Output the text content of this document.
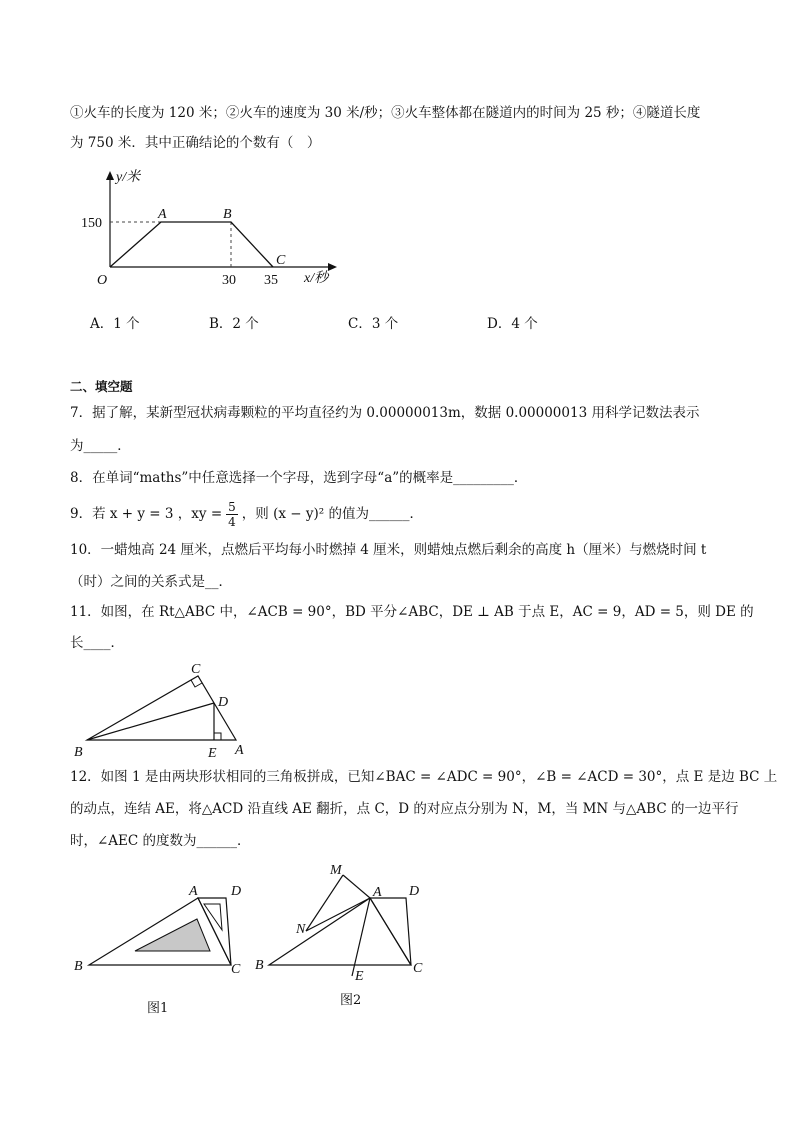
①火车的长度为 120 米；②火车的速度为 30 米/秒；③火车整体都在隧道内的时间为 25 秒；④隧道长度
为 750 米．其中正确结论的个数有（　）
y/米
x/秒
O
150
30 35
A	B
C
A．1 个	B．2 个	C．3 个	D．4 个
二、填空题
7．据了解，某新型冠状病毒颗粒的平均直径约为 0.00000013m，数据 0.00000013 用科学记数法表示
为_____．
8．在单词“maths”中任意选择一个字母，选到字母“a”的概率是_________．
9．若 x + y = 3 ，xy = $\frac{5}{4}$ ，则 (x − y)² 的值为______．
10．一蜡烛高 24 厘米，点燃后平均每小时燃掉 4 厘米，则蜡烛点燃后剩余的高度 h（厘米）与燃烧时间 t
（时）之间的关系式是__．
11．如图，在 Rt△ABC 中，∠ACB = 90°，BD 平分∠ABC，DE ⊥ AB 于点 E，AC = 9，AD = 5，则 DE 的
长____．
C
D
B	E A
12．如图 1 是由两块形状相同的三角板拼成，已知∠BAC = ∠ADC = 90°，∠B = ∠ACD = 30°，点 E 是边 BC 上
的动点，连结 AE，将△ACD 沿直线 AE 翻折，点 C，D 的对应点分别为 N，M，当 MN 与△ABC 的一边平行
时，∠AEC 的度数为______．
A D
B	C
图1
M
A D
N
B
E
C
图2
